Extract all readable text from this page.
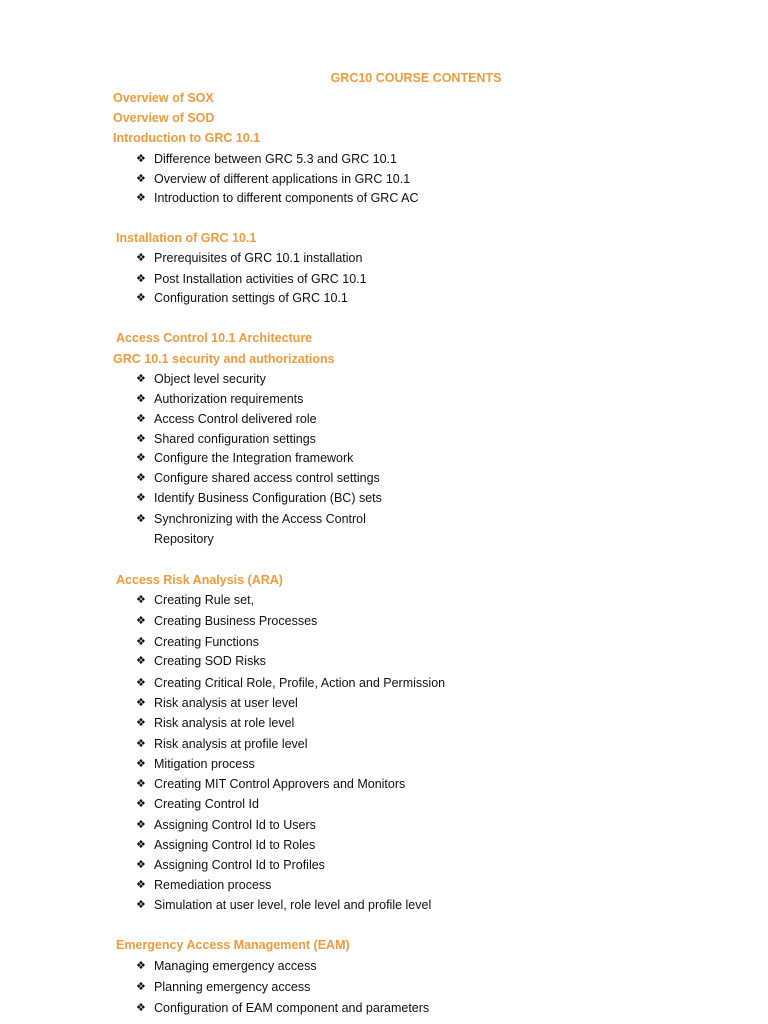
GRC10 COURSE CONTENTS
Overview of SOX
Overview of SOD
Introduction to GRC 10.1
❖ Difference between GRC 5.3 and GRC 10.1
❖ Overview of different applications in GRC 10.1
❖ Introduction to different components of GRC AC
Installation of GRC 10.1
❖ Prerequisites of GRC 10.1 installation
❖ Post Installation activities of GRC 10.1
❖ Configuration settings of GRC 10.1
Access Control 10.1 Architecture
GRC 10.1 security and authorizations
❖ Object level security
❖ Authorization requirements
❖ Access Control delivered role
❖ Shared configuration settings
❖ Configure the Integration framework
❖ Configure shared access control settings
❖ Identify Business Configuration (BC) sets
❖ Synchronizing with the Access Control
Repository
Access Risk Analysis (ARA)
❖ Creating Rule set,
❖ Creating Business Processes
❖ Creating Functions
❖ Creating SOD Risks
❖ Creating Critical Role, Profile, Action and Permission
❖ Risk analysis at user level
❖ Risk analysis at role level
❖ Risk analysis at profile level
❖ Mitigation process
❖ Creating MIT Control Approvers and Monitors
❖ Creating Control Id
❖ Assigning Control Id to Users
❖ Assigning Control Id to Roles
❖ Assigning Control Id to Profiles
❖ Remediation process
❖ Simulation at user level, role level and profile level
Emergency Access Management (EAM)
❖ Managing emergency access
❖ Planning emergency access
❖ Configuration of EAM component and parameters
